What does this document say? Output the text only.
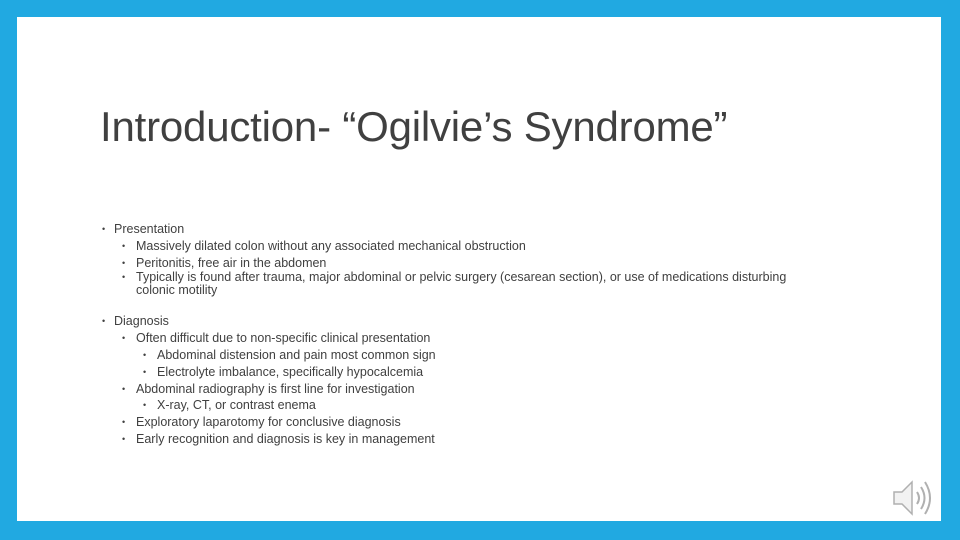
Introduction- “Ogilvie’s Syndrome”
• Presentation
• Massively dilated colon without any associated mechanical obstruction
• Peritonitis, free air in the abdomen
• Typically is found after trauma, major abdominal or pelvic surgery (cesarean section), or use of medications disturbing colonic motility
• Diagnosis
• Often difficult due to non-specific clinical presentation
• Abdominal distension and pain most common sign
• Electrolyte imbalance, specifically hypocalcemia
• Abdominal radiography is first line for investigation
• X-ray, CT, or contrast enema
• Exploratory laparotomy for conclusive diagnosis
• Early recognition and diagnosis is key in management
